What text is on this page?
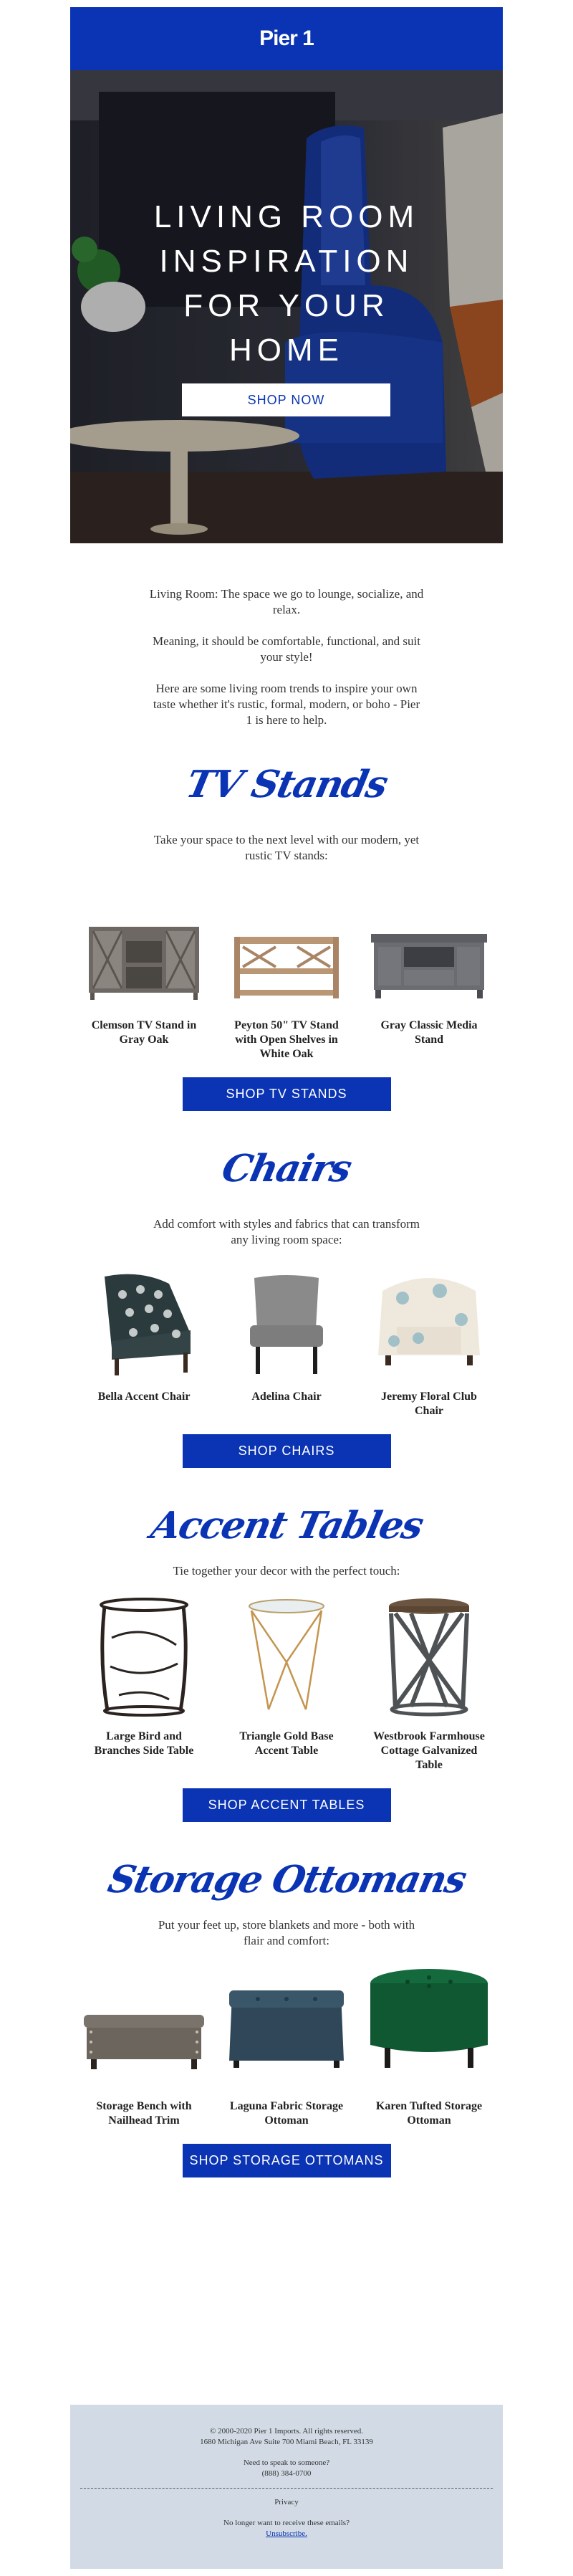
Pier 1
LIVING ROOM
INSPIRATION
FOR YOUR
HOME
SHOP NOW

Living Room: The space we go to lounge, socialize, and relax.

Meaning, it should be comfortable, functional, and suit your style!

Here are some living room trends to inspire your own taste whether it's rustic, formal, modern, or boho - Pier 1 is here to help.

TV Stands
Take your space to the next level with our modern, yet rustic TV stands:
Clemson TV Stand in Gray Oak
Peyton 50" TV Stand with Open Shelves in White Oak
Gray Classic Media Stand
SHOP TV STANDS
Chairs
Add comfort with styles and fabrics that can transform any living room space:
Bella Accent Chair	Adelina Chair	Jeremy Floral Club Chair
SHOP CHAIRS
Accent Tables
Tie together your decor with the perfect touch:
Large Bird and Branches Side Table
Triangle Gold Base Accent Table
Westbrook Farmhouse Cottage Galvanized Table
SHOP ACCENT TABLES
Storage Ottomans
Put your feet up, store blankets and more - both with flair and comfort:
Storage Bench with Nailhead Trim
Laguna Fabric Storage Ottoman
Karen Tufted Storage Ottoman
SHOP STORAGE OTTOMANS
© 2000-2020 Pier 1 Imports. All rights reserved.
1680 Michigan Ave Suite 700 Miami Beach, FL 33139
Need to speak to someone?
(888) 384-0700
Privacy
No longer want to receive these emails?
Unsubscribe.
